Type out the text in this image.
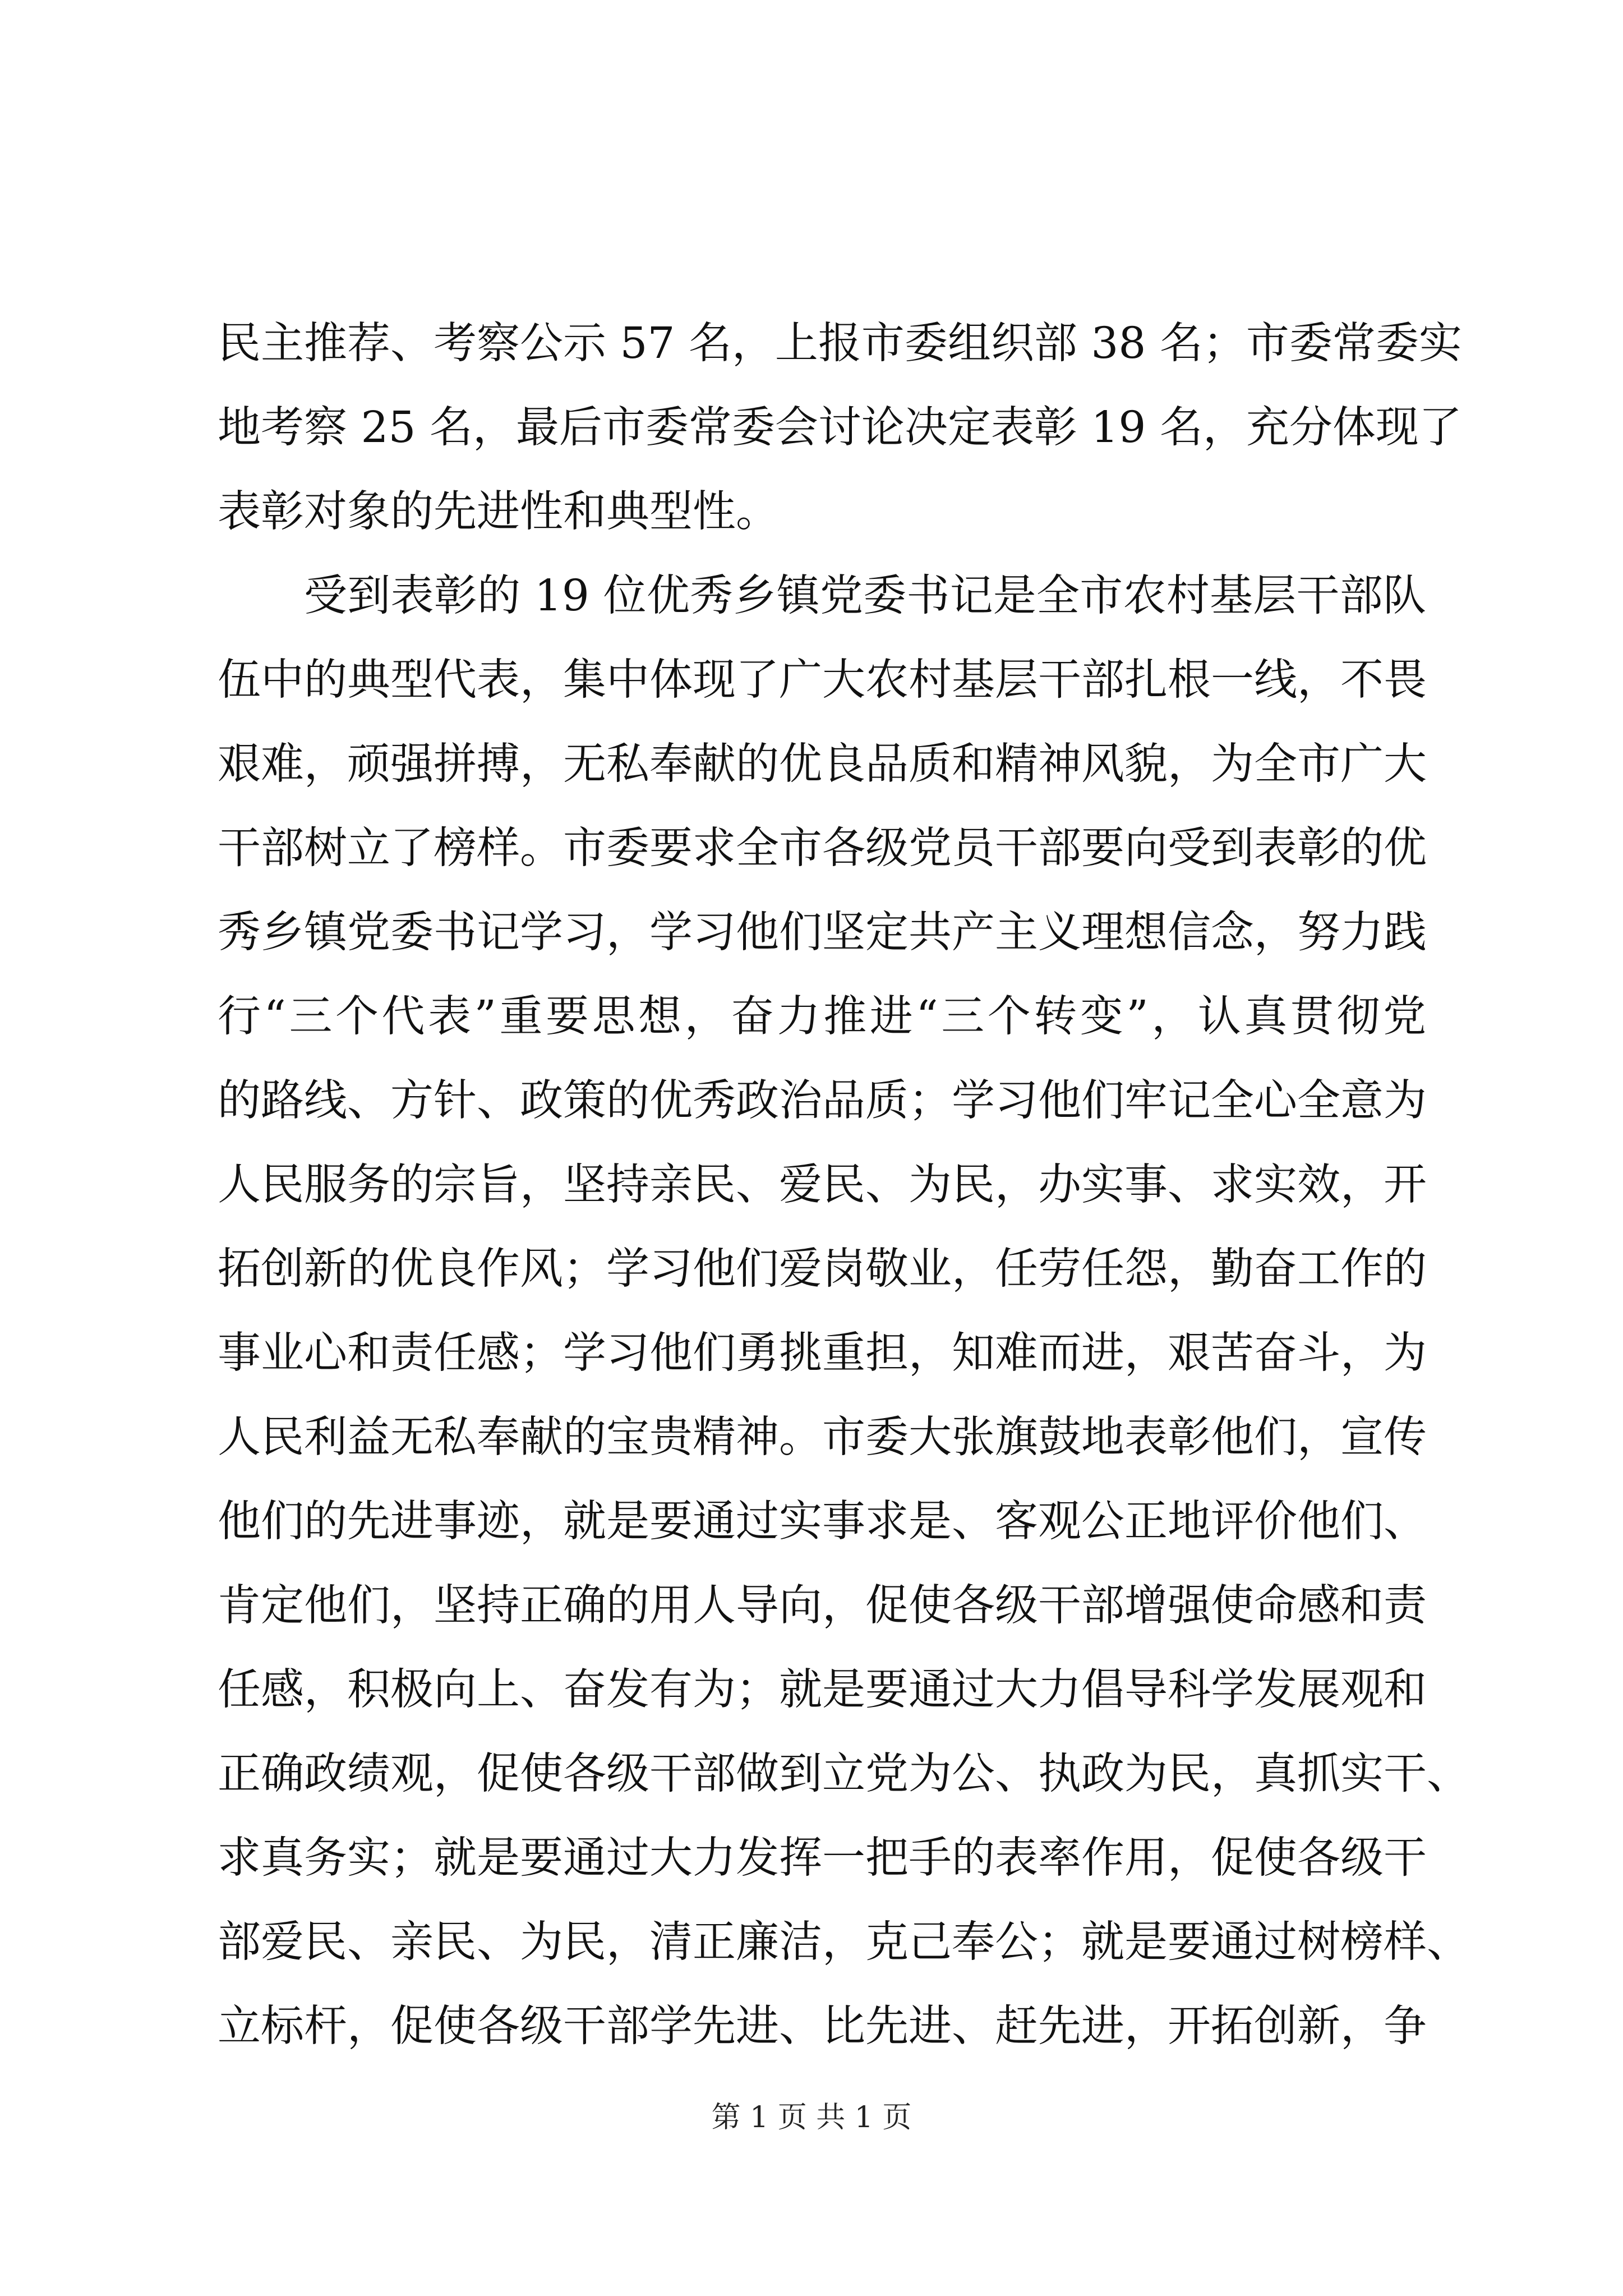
民主推荐、考察公示 57 名，上报市委组织部 38 名；市委常委实
地考察 25 名，最后市委常委会讨论决定表彰 19 名，充分体现了
表彰对象的先进性和典型性。
受到表彰的 19 位优秀乡镇党委书记是全市农村基层干部队
伍中的典型代表，集中体现了广大农村基层干部扎根一线，不畏
艰难，顽强拼搏，无私奉献的优良品质和精神风貌，为全市广大
干部树立了榜样。市委要求全市各级党员干部要向受到表彰的优
秀乡镇党委书记学习，学习他们坚定共产主义理想信念，努力践
行“三个代表”重要思想，奋力推进“三个转变”，认真贯彻党
的路线、方针、政策的优秀政治品质；学习他们牢记全心全意为
人民服务的宗旨，坚持亲民、爱民、为民，办实事、求实效，开
拓创新的优良作风；学习他们爱岗敬业，任劳任怨，勤奋工作的
事业心和责任感；学习他们勇挑重担，知难而进，艰苦奋斗，为
人民利益无私奉献的宝贵精神。市委大张旗鼓地表彰他们，宣传
他们的先进事迹，就是要通过实事求是、客观公正地评价他们、
肯定他们，坚持正确的用人导向，促使各级干部增强使命感和责
任感，积极向上、奋发有为；就是要通过大力倡导科学发展观和
正确政绩观，促使各级干部做到立党为公、执政为民，真抓实干、
求真务实；就是要通过大力发挥一把手的表率作用，促使各级干
部爱民、亲民、为民，清正廉洁，克己奉公；就是要通过树榜样、
立标杆，促使各级干部学先进、比先进、赶先进，开拓创新，争
第 1 页 共 1 页
